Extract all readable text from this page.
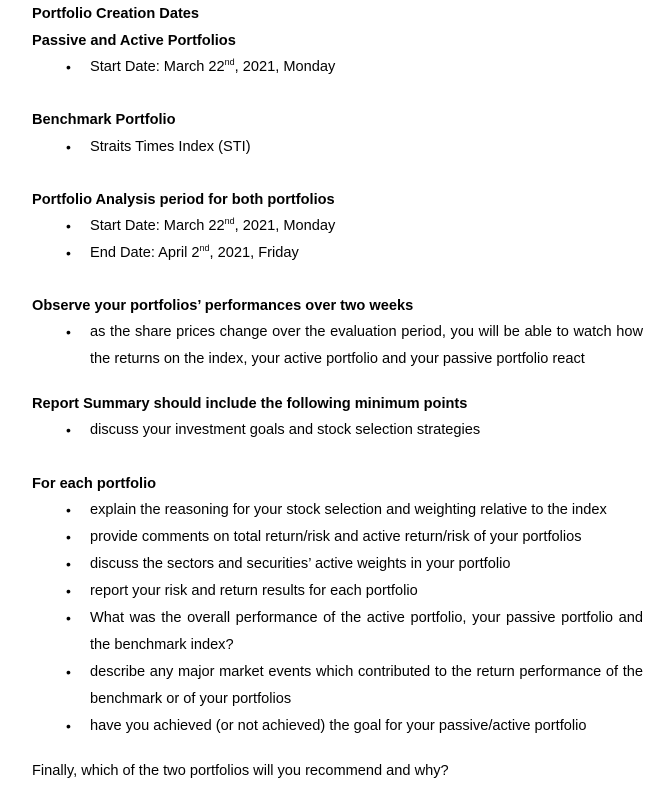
Portfolio Creation Dates
Passive and Active Portfolios
• Start Date: March 22nd, 2021, Monday
Benchmark Portfolio
• Straits Times Index (STI)
Portfolio Analysis period for both portfolios
• Start Date: March 22nd, 2021, Monday
• End Date: April 2nd, 2021, Friday
Observe your portfolios’ performances over two weeks
• as the share prices change over the evaluation period, you will be able to watch how the returns on the index, your active portfolio and your passive portfolio react
Report Summary should include the following minimum points
• discuss your investment goals and stock selection strategies
For each portfolio
• explain the reasoning for your stock selection and weighting relative to the index
• provide comments on total return/risk and active return/risk of your portfolios
• discuss the sectors and securities’ active weights in your portfolio
• report your risk and return results for each portfolio
• What was the overall performance of the active portfolio, your passive portfolio and the benchmark index?
• describe any major market events which contributed to the return performance of the benchmark or of your portfolios
• have you achieved (or not achieved) the goal for your passive/active portfolio
Finally, which of the two portfolios will you recommend and why?
